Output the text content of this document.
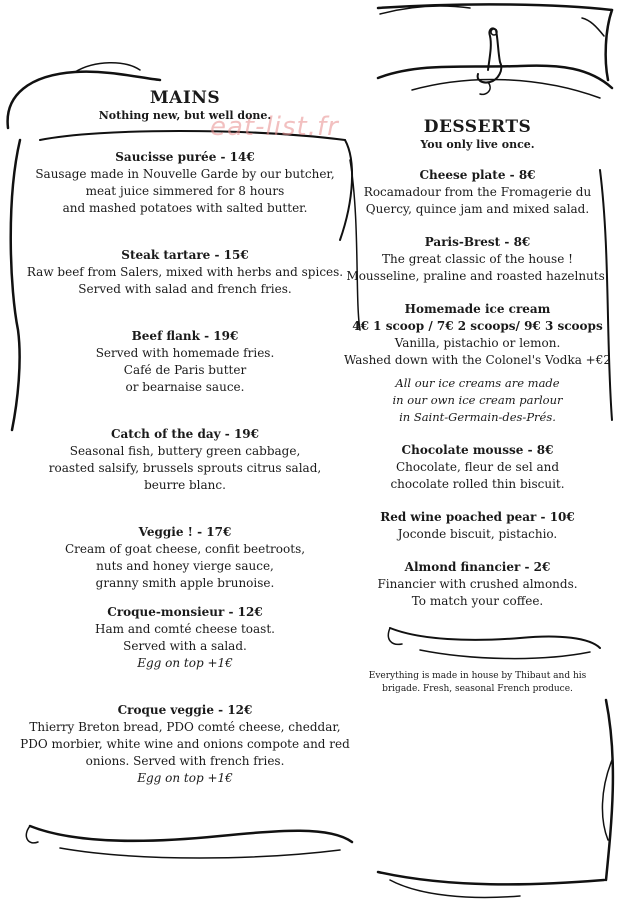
eat-list.fr
MAINS
Nothing new, but well done.
Saucisse purée - 14€
Sausage made in Nouvelle Garde by our butcher,
meat juice simmered for 8 hours
and mashed potatoes with salted butter.
Steak tartare - 15€
Raw beef from Salers, mixed with herbs and spices.
Served with salad and french fries.
Beef flank - 19€
Served with homemade fries.
Café de Paris butter
or bearnaise sauce.
Catch of the day - 19€
Seasonal fish, buttery green cabbage,
roasted salsify, brussels sprouts citrus salad,
beurre blanc.
Veggie ! - 17€
Cream of goat cheese, confit beetroots,
nuts and honey vierge sauce,
granny smith apple brunoise.
Croque-monsieur - 12€
Ham and comté cheese toast.
Served with a salad.
Egg on top +1€
Croque veggie - 12€
Thierry Breton bread, PDO comté cheese, cheddar,
PDO morbier, white wine and onions compote and red
onions. Served with french fries.
Egg on top +1€
DESSERTS
You only live once.
Cheese plate - 8€
Rocamadour from the Fromagerie du
Quercy, quince jam and mixed salad.
Paris-Brest - 8€
The great classic of the house !
Mousseline, praline and roasted hazelnuts.
Homemade ice cream
4€ 1 scoop / 7€ 2 scoops/ 9€ 3 scoops
Vanilla, pistachio or lemon.
Washed down with the Colonel's Vodka +€2
All our ice creams are made
in our own ice cream parlour
in Saint-Germain-des-Prés.
Chocolate mousse - 8€
Chocolate, fleur de sel and
chocolate rolled thin biscuit.
Red wine poached pear - 10€
Joconde biscuit, pistachio.
Almond financier - 2€
Financier with crushed almonds.
To match your coffee.
Everything is made in house by Thibaut and his
brigade. Fresh, seasonal French produce.
